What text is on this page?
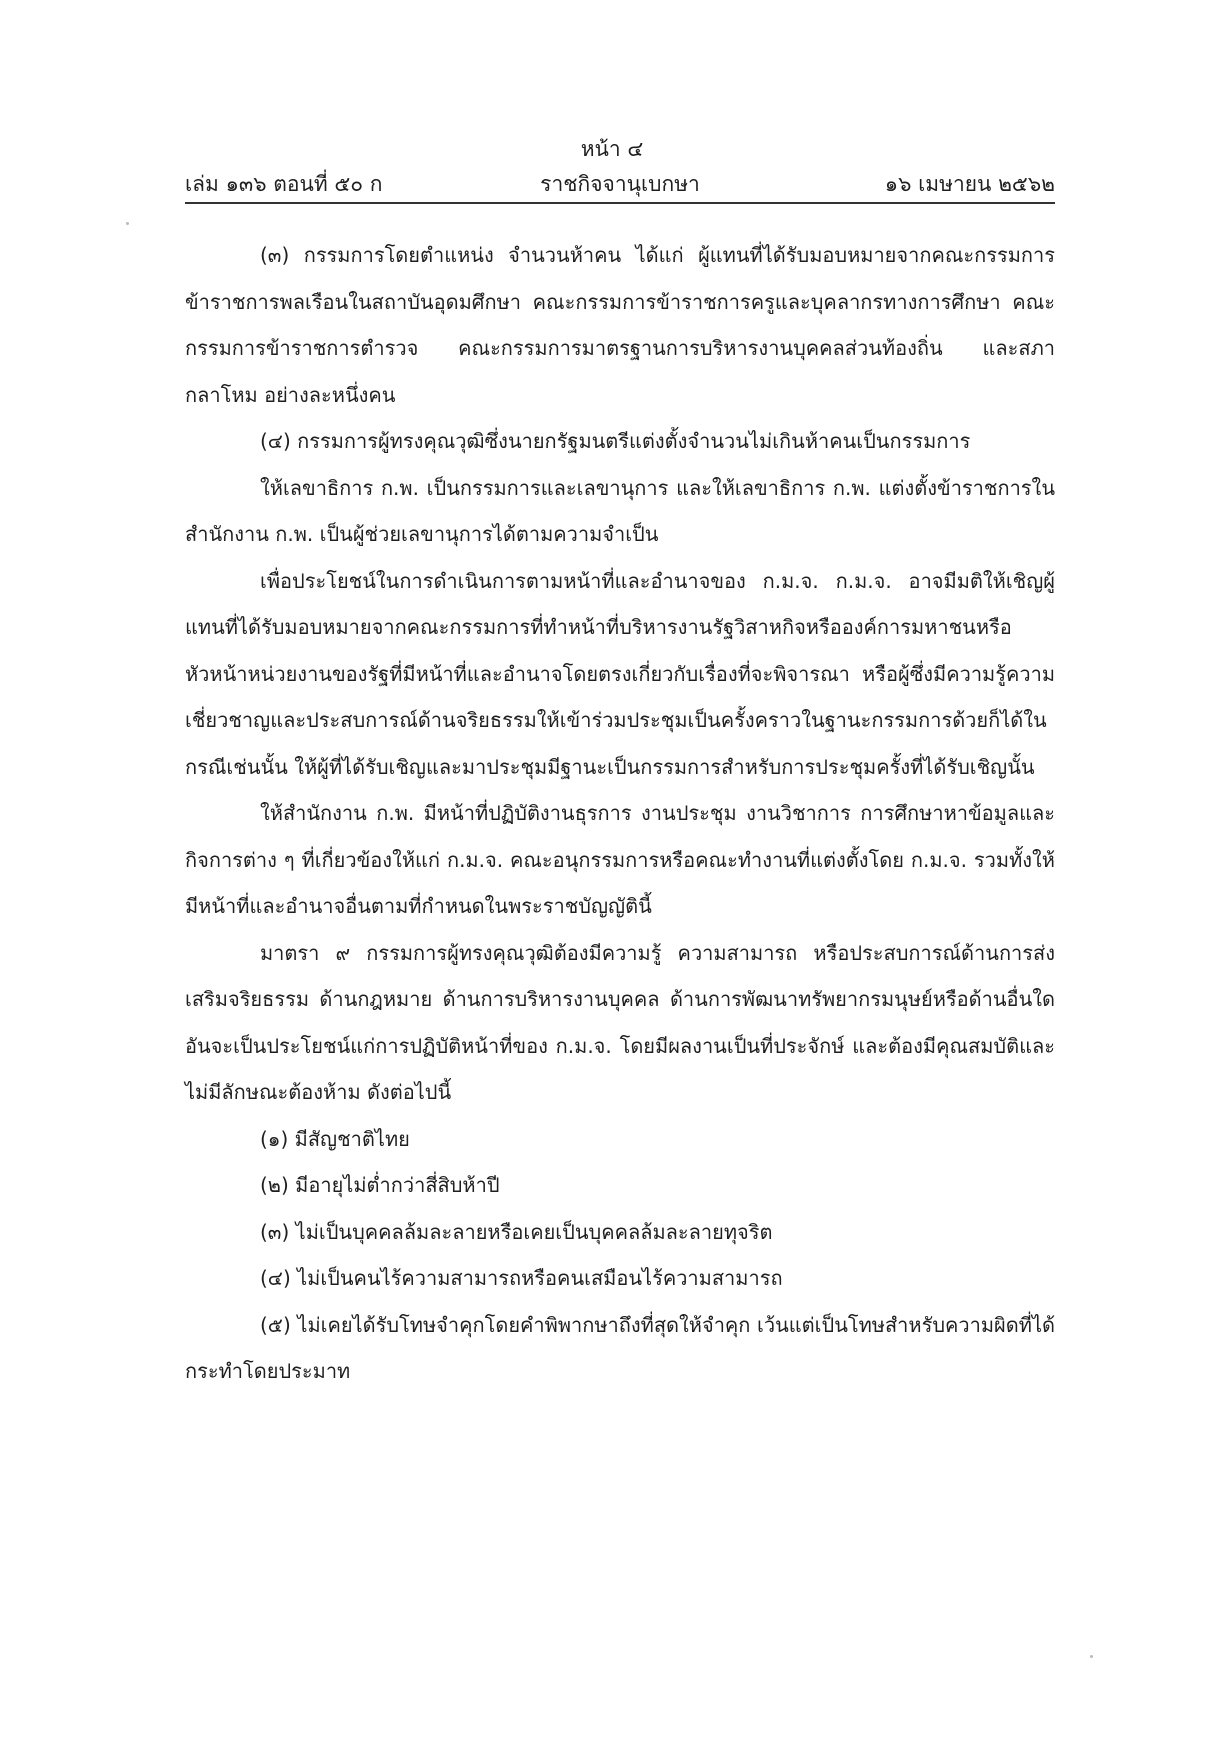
หน้า ๔
เล่ม ๑๓๖ ตอนที่ ๕๐ ก	ราชกิจจานุเบกษา	๑๖ เมษายน ๒๕๖๒

(๓) กรรมการโดยตำแหน่ง จำนวนห้าคน ได้แก่ ผู้แทนที่ได้รับมอบหมายจากคณะกรรมการข้าราชการพลเรือนในสถาบันอุดมศึกษา คณะกรรมการข้าราชการครูและบุคลากรทางการศึกษา คณะกรรมการข้าราชการตำรวจ คณะกรรมการมาตรฐานการบริหารงานบุคคลส่วนท้องถิ่น และสภากลาโหม อย่างละหนึ่งคน

(๔) กรรมการผู้ทรงคุณวุฒิซึ่งนายกรัฐมนตรีแต่งตั้งจำนวนไม่เกินห้าคนเป็นกรรมการ

ให้เลขาธิการ ก.พ. เป็นกรรมการและเลขานุการ และให้เลขาธิการ ก.พ. แต่งตั้งข้าราชการในสำนักงาน ก.พ. เป็นผู้ช่วยเลขานุการได้ตามความจำเป็น

เพื่อประโยชน์ในการดำเนินการตามหน้าที่และอำนาจของ ก.ม.จ. ก.ม.จ. อาจมีมติให้เชิญผู้แทนที่ได้รับมอบหมายจากคณะกรรมการที่ทำหน้าที่บริหารงานรัฐวิสาหกิจหรือองค์การมหาชนหรือหัวหน้าหน่วยงานของรัฐที่มีหน้าที่และอำนาจโดยตรงเกี่ยวกับเรื่องที่จะพิจารณา หรือผู้ซึ่งมีความรู้ความเชี่ยวชาญและประสบการณ์ด้านจริยธรรมให้เข้าร่วมประชุมเป็นครั้งคราวในฐานะกรรมการด้วยก็ได้ในกรณีเช่นนั้น ให้ผู้ที่ได้รับเชิญและมาประชุมมีฐานะเป็นกรรมการสำหรับการประชุมครั้งที่ได้รับเชิญนั้น

ให้สำนักงาน ก.พ. มีหน้าที่ปฏิบัติงานธุรการ งานประชุม งานวิชาการ การศึกษาหาข้อมูลและกิจการต่าง ๆ ที่เกี่ยวข้องให้แก่ ก.ม.จ. คณะอนุกรรมการหรือคณะทำงานที่แต่งตั้งโดย ก.ม.จ. รวมทั้งให้มีหน้าที่และอำนาจอื่นตามที่กำหนดในพระราชบัญญัตินี้

มาตรา ๙ กรรมการผู้ทรงคุณวุฒิต้องมีความรู้ ความสามารถ หรือประสบการณ์ด้านการส่งเสริมจริยธรรม ด้านกฎหมาย ด้านการบริหารงานบุคคล ด้านการพัฒนาทรัพยากรมนุษย์หรือด้านอื่นใดอันจะเป็นประโยชน์แก่การปฏิบัติหน้าที่ของ ก.ม.จ. โดยมีผลงานเป็นที่ประจักษ์ และต้องมีคุณสมบัติและไม่มีลักษณะต้องห้าม ดังต่อไปนี้

(๑) มีสัญชาติไทย

(๒) มีอายุไม่ต่ำกว่าสี่สิบห้าปี

(๓) ไม่เป็นบุคคลล้มละลายหรือเคยเป็นบุคคลล้มละลายทุจริต

(๔) ไม่เป็นคนไร้ความสามารถหรือคนเสมือนไร้ความสามารถ

(๕) ไม่เคยได้รับโทษจำคุกโดยคำพิพากษาถึงที่สุดให้จำคุก เว้นแต่เป็นโทษสำหรับความผิดที่ได้กระทำโดยประมาท
